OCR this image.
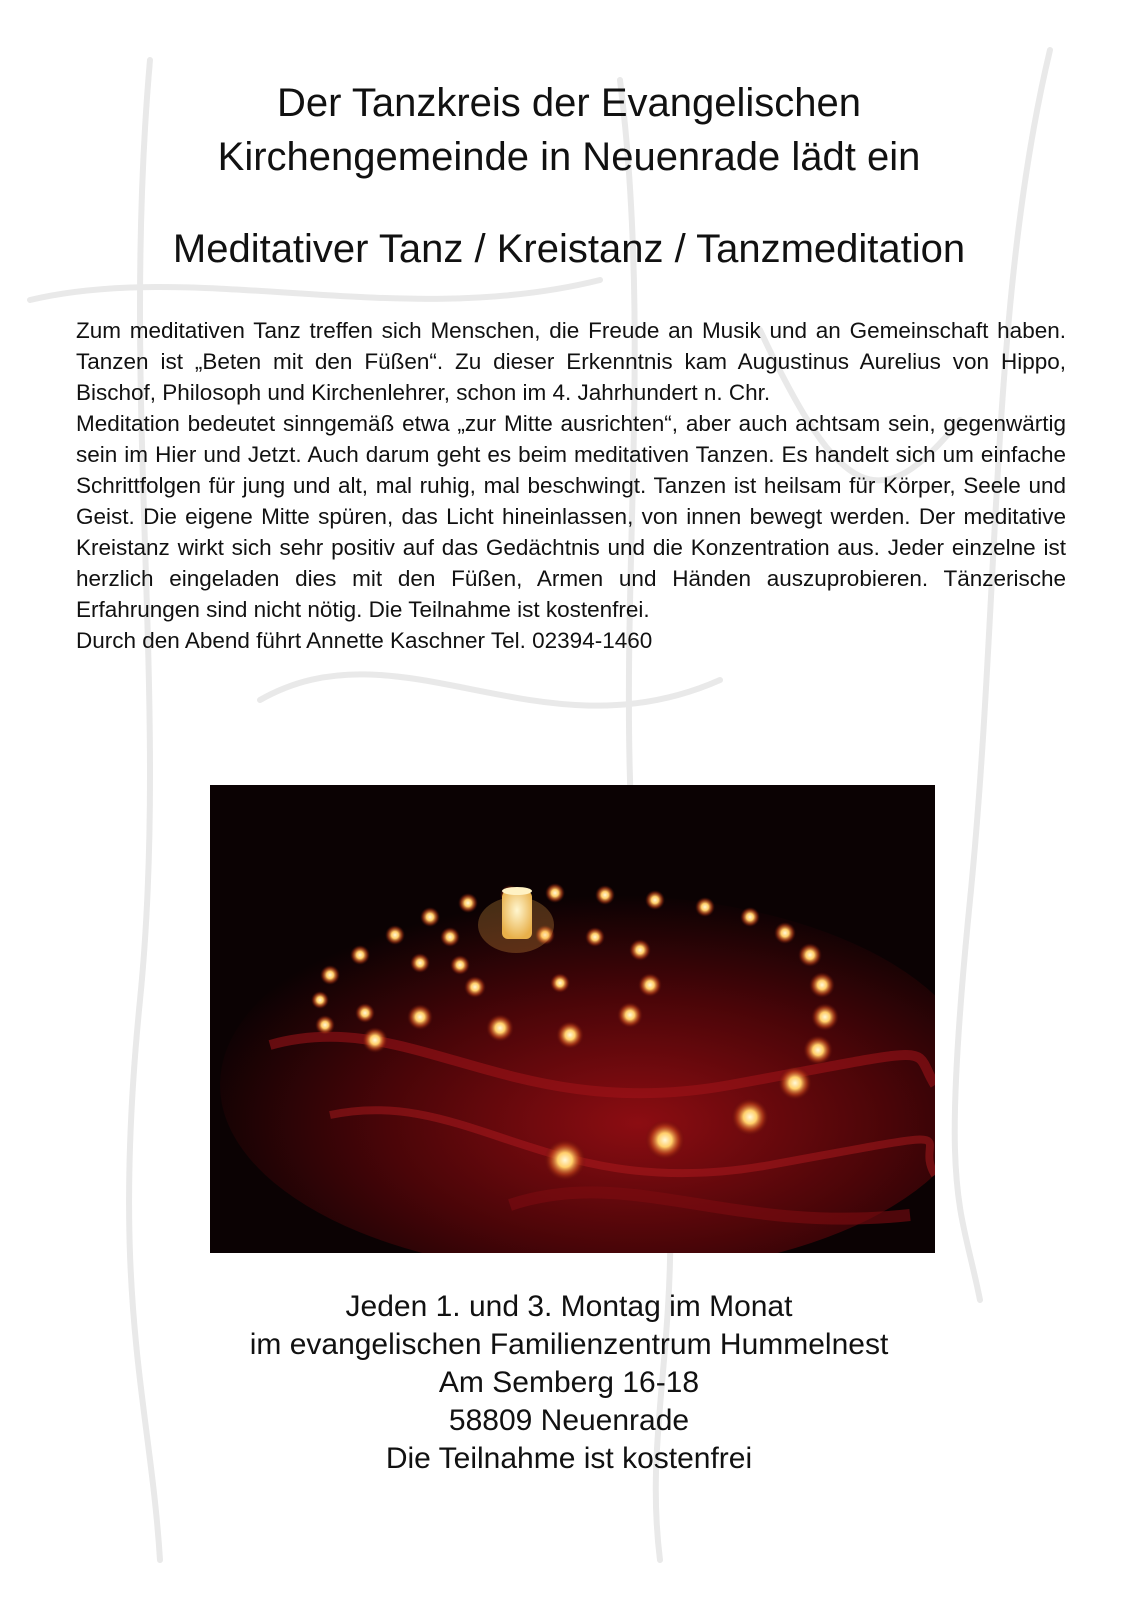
Der Tanzkreis der Evangelischen
Kirchengemeinde in Neuenrade lädt ein
Meditativer Tanz / Kreistanz / Tanzmeditation

Zum meditativen Tanz treffen sich Menschen, die Freude an Musik und an Gemeinschaft haben. Tanzen ist „Beten mit den Füßen“. Zu dieser Erkenntnis kam Augustinus Aurelius von Hippo, Bischof, Philosoph und Kirchenlehrer, schon im 4. Jahrhundert n. Chr.

Meditation bedeutet sinngemäß etwa „zur Mitte ausrichten“, aber auch achtsam sein, gegenwärtig sein im Hier und Jetzt. Auch darum geht es beim meditativen Tanzen. Es handelt sich um einfache Schrittfolgen für jung und alt, mal ruhig, mal beschwingt. Tanzen ist heilsam für Körper, Seele und Geist. Die eigene Mitte spüren, das Licht hineinlassen, von innen bewegt werden. Der meditative Kreistanz wirkt sich sehr positiv auf das Gedächtnis und die Konzentration aus. Jeder einzelne ist herzlich eingeladen dies mit den Füßen, Armen und Händen auszuprobieren. Tänzerische Erfahrungen sind nicht nötig. Die Teilnahme ist kostenfrei.

Durch den Abend führt Annette Kaschner Tel. 02394-1460

Jeden 1. und 3. Montag im Monat
im evangelischen Familienzentrum Hummelnest
Am Semberg 16-18
58809 Neuenrade
Die Teilnahme ist kostenfrei
